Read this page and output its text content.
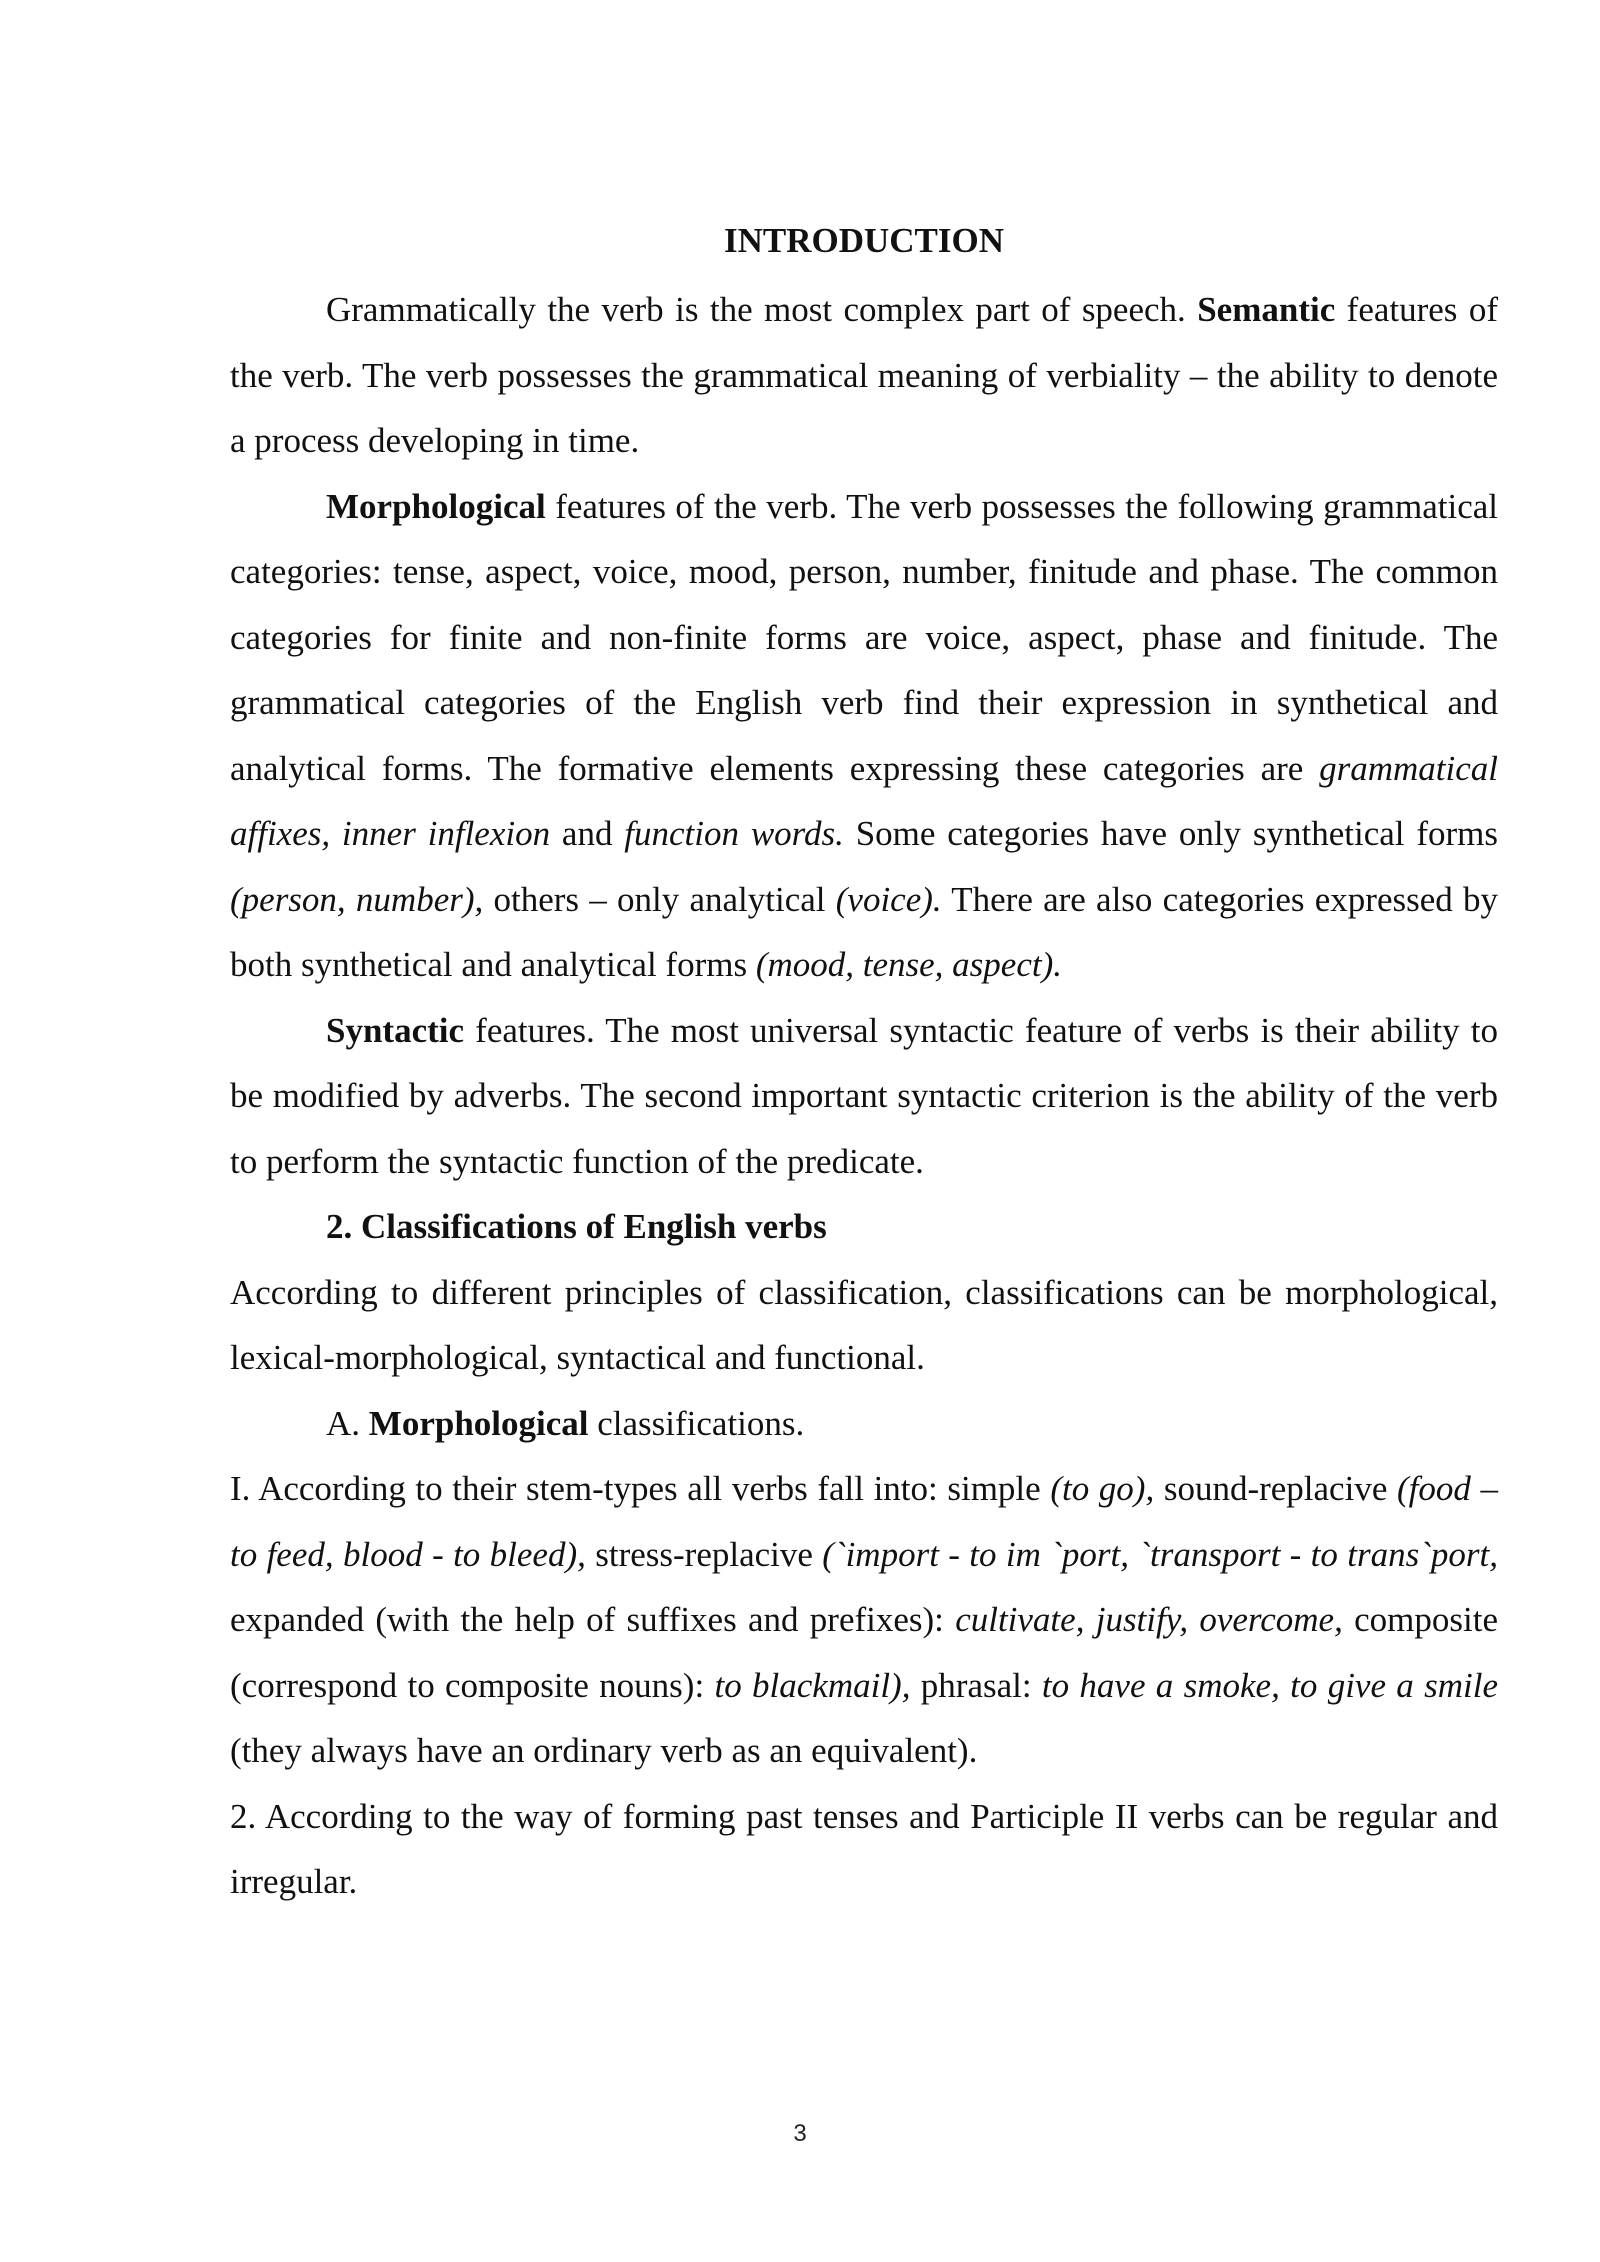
INTRODUCTION

Grammatically the verb is the most complex part of speech. Semantic features of the verb. The verb possesses the grammatical meaning of verbiality – the ability to denote a process developing in time.

Morphological features of the verb. The verb possesses the following grammatical

categories: tense, aspect, voice, mood, person, number, finitude and phase. The common categories for finite and non-finite forms are voice, aspect, phase and finitude. The grammatical categories of the English verb find their expression in synthetical and analytical forms. The formative elements expressing these categories are grammatical affixes, inner inflexion and function words. Some categories have only synthetical forms (person, number), others – only analytical (voice). There are also categories expressed by both synthetical and analytical forms (mood, tense, aspect).

Syntactic features. The most universal syntactic feature of verbs is their ability to be modified by adverbs. The second important syntactic criterion is the ability of the verb to perform the syntactic function of the predicate.

2. Classifications of English verbs

According to different principles of classification, classifications can be morphological, lexical-morphological, syntactical and functional.

A. Morphological classifications.

I. According to their stem-types all verbs fall into: simple (to go), sound-replacive (food – to feed, blood - to bleed), stress-replacive (`import - to im `port, `transport - to trans`port, expanded (with the help of suffixes and prefixes): cultivate, justify, overcome, composite (correspond to composite nouns): to blackmail), phrasal: to have a smoke, to give a smile (they always have an ordinary verb as an equivalent).

2. According to the way of forming past tenses and Participle II verbs can be regular and irregular.

3
